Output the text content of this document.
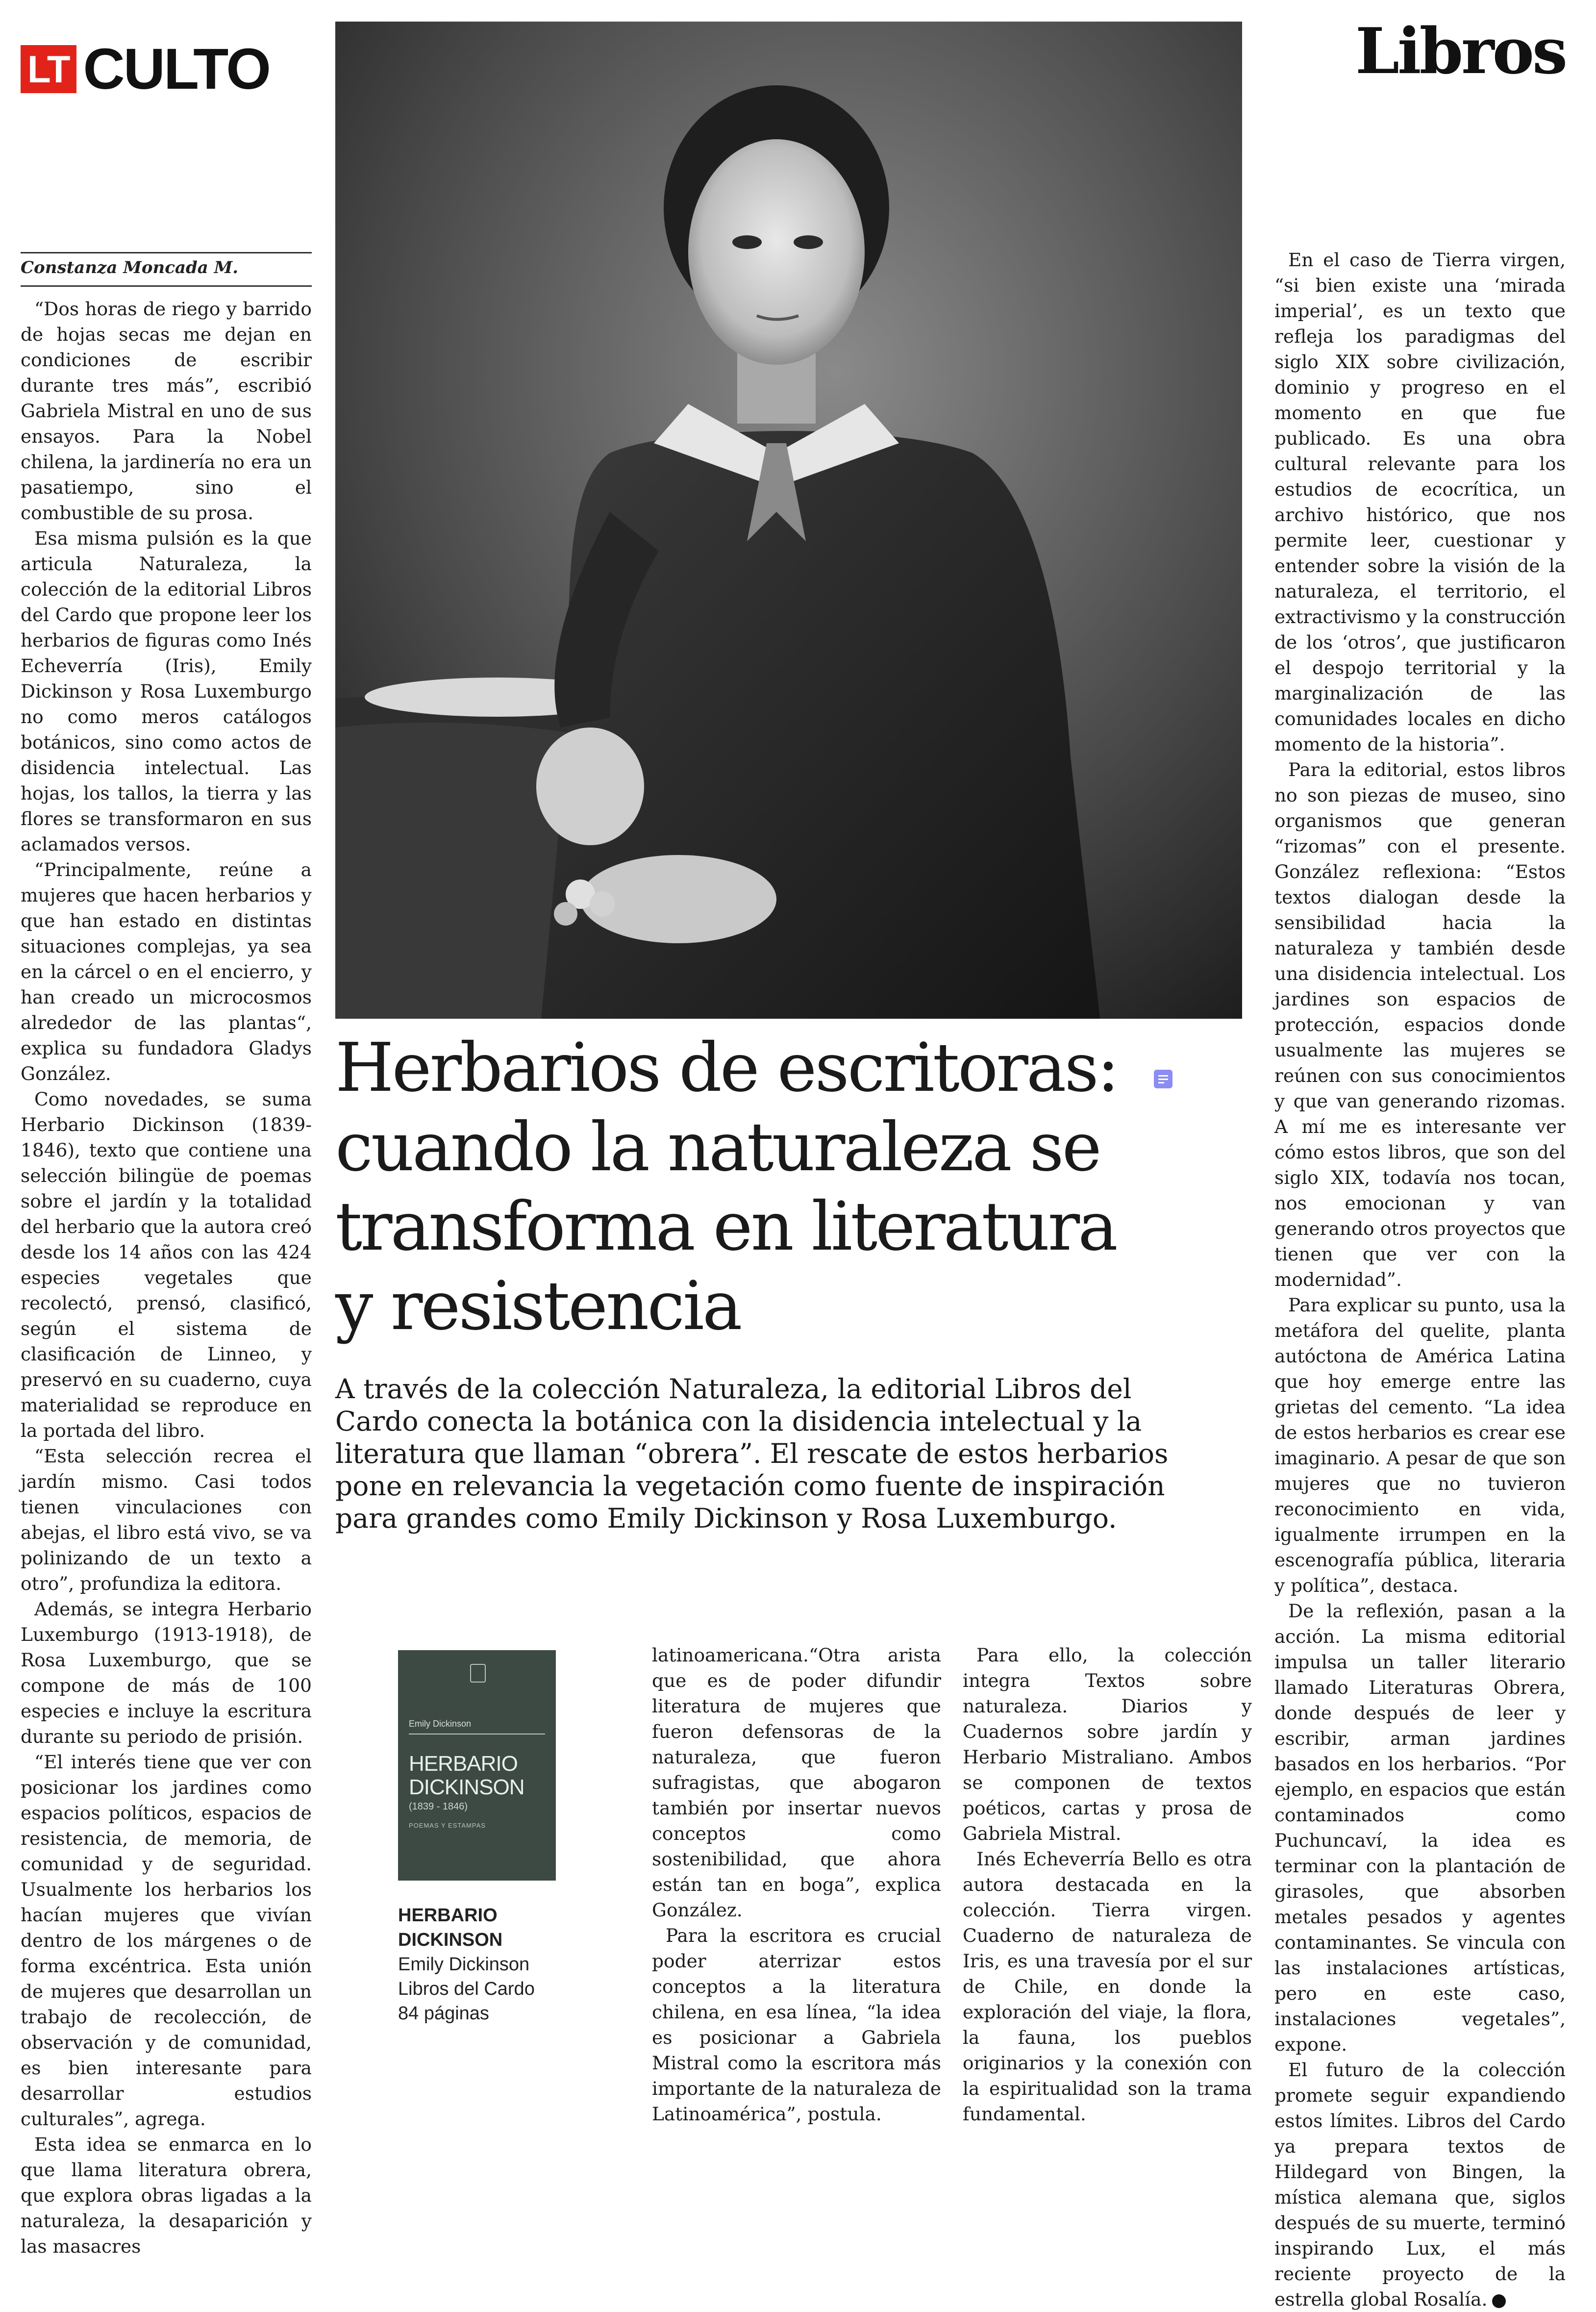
LT CULTO	Libros
Constanza Moncada M.

“Dos horas de riego y barrido de hojas secas me dejan en condiciones de escribir durante tres más”, escribió Gabriela Mistral en uno de sus ensayos. Para la Nobel chilena, la jardinería no era un pasatiempo, sino el combustible de su prosa.

Esa misma pulsión es la que articula Naturaleza, la colección de la editorial Libros del Cardo que propone leer los herbarios de figuras como Inés Echeverría (Iris), Emily Dickinson y Rosa Luxemburgo no como meros catálogos botánicos, sino como actos de disidencia intelectual. Las hojas, los tallos, la tierra y las flores se transformaron en sus aclamados versos.

“Principalmente, reúne a mujeres que hacen herbarios y que han estado en distintas situaciones complejas, ya sea en la cárcel o en el encierro, y han creado un microcosmos alrededor de las plantas“, explica su fundadora Gladys González.

Como novedades, se suma Herbario Dickinson (1839-1846), texto que contiene una selección bilingüe de poemas sobre el jardín y la totalidad del herbario que la autora creó desde los 14 años con las 424 especies vegetales que recolectó, prensó, clasificó, según el sistema de clasificación de Linneo, y preservó en su cuaderno, cuya materialidad se reproduce en la portada del libro.

“Esta selección recrea el jardín mismo. Casi todos tienen vinculaciones con abejas, el libro está vivo, se va polinizando de un texto a otro”, profundiza la editora.

Además, se integra Herbario Luxemburgo (1913-1918), de Rosa Luxemburgo, que se compone de más de 100 especies e incluye la escritura durante su periodo de prisión.

“El interés tiene que ver con posicionar los jardines como espacios políticos, espacios de resistencia, de memoria, de comunidad y de seguridad. Usualmente los herbarios los hacían mujeres que vivían dentro de los márgenes o de forma excéntrica. Esta unión de mujeres que desarrollan un trabajo de recolección, de observación y de comunidad, es bien interesante para desarrollar estudios culturales”, agrega.

Esta idea se enmarca en lo que llama literatura obrera, que explora obras ligadas a la naturaleza, la desaparición y las masacres

Herbarios de escritoras: cuando la naturaleza se transforma en literatura y resistencia
A través de la colección Naturaleza, la editorial Libros del Cardo conecta la botánica con la disidencia intelectual y la literatura que llaman “obrera”. El rescate de estos herbarios pone en relevancia la vegetación como fuente de inspiración para grandes como Emily Dickinson y Rosa Luxemburgo.
Emily Dickinson
HERBARIO DICKINSON
(1839 - 1846)
POEMAS Y ESTAMPAS
HERBARIO DICKINSON
Emily Dickinson
Libros del Cardo
84 páginas

latinoamericana.“Otra arista que es de poder difundir literatura de mujeres que fueron defensoras de la naturaleza, que fueron sufragistas, que abogaron también por insertar nuevos conceptos como sostenibilidad, que ahora están tan en boga”, explica González.

Para la escritora es crucial poder aterrizar estos conceptos a la literatura chilena, en esa línea, “la idea es posicionar a Gabriela Mistral como la escritora más importante de la naturaleza de Latinoamérica”, postula.

Para ello, la colección integra Textos sobre naturaleza. Diarios y Cuadernos sobre jardín y Herbario Mistraliano. Ambos se componen de textos poéticos, cartas y prosa de Gabriela Mistral.

Inés Echeverría Bello es otra autora destacada en la colección. Tierra virgen. Cuaderno de naturaleza de Iris, es una travesía por el sur de Chile, en donde la exploración del viaje, la flora, la fauna, los pueblos originarios y la conexión con la espiritualidad son la trama fundamental.

En el caso de Tierra virgen, “si bien existe una ‘mirada imperial’, es un texto que refleja los paradigmas del siglo XIX sobre civilización, dominio y progreso en el momento en que fue publicado. Es una obra cultural relevante para los estudios de ecocrítica, un archivo histórico, que nos permite leer, cuestionar y entender sobre la visión de la naturaleza, el territorio, el extractivismo y la construcción de los ‘otros’, que justificaron el despojo territorial y la marginalización de las comunidades locales en dicho momento de la historia”.

Para la editorial, estos libros no son piezas de museo, sino organismos que generan “rizomas” con el presente. González reflexiona: “Estos textos dialogan desde la sensibilidad hacia la naturaleza y también desde una disidencia intelectual. Los jardines son espacios de protección, espacios donde usualmente las mujeres se reúnen con sus conocimientos y que van generando rizomas. A mí me es interesante ver cómo estos libros, que son del siglo XIX, todavía nos tocan, nos emocionan y van generando otros proyectos que tienen que ver con la modernidad”.

Para explicar su punto, usa la metáfora del quelite, planta autóctona de América Latina que hoy emerge entre las grietas del cemento. “La idea de estos herbarios es crear ese imaginario. A pesar de que son mujeres que no tuvieron reconocimiento en vida, igualmente irrumpen en la escenografía pública, literaria y política”, destaca.

De la reflexión, pasan a la acción. La misma editorial impulsa un taller literario llamado Literaturas Obrera, donde después de leer y escribir, arman jardines basados en los herbarios. “Por ejemplo, en espacios que están contaminados como Puchuncaví, la idea es terminar con la plantación de girasoles, que absorben metales pesados y agentes contaminantes. Se vincula con las instalaciones artísticas, pero en este caso, instalaciones vegetales”, expone.

El futuro de la colección promete seguir expandiendo estos límites. Libros del Cardo ya prepara textos de Hildegard von Bingen, la mística alemana que, siglos después de su muerte, terminó inspirando Lux, el más reciente proyecto de la estrella global Rosalía.
